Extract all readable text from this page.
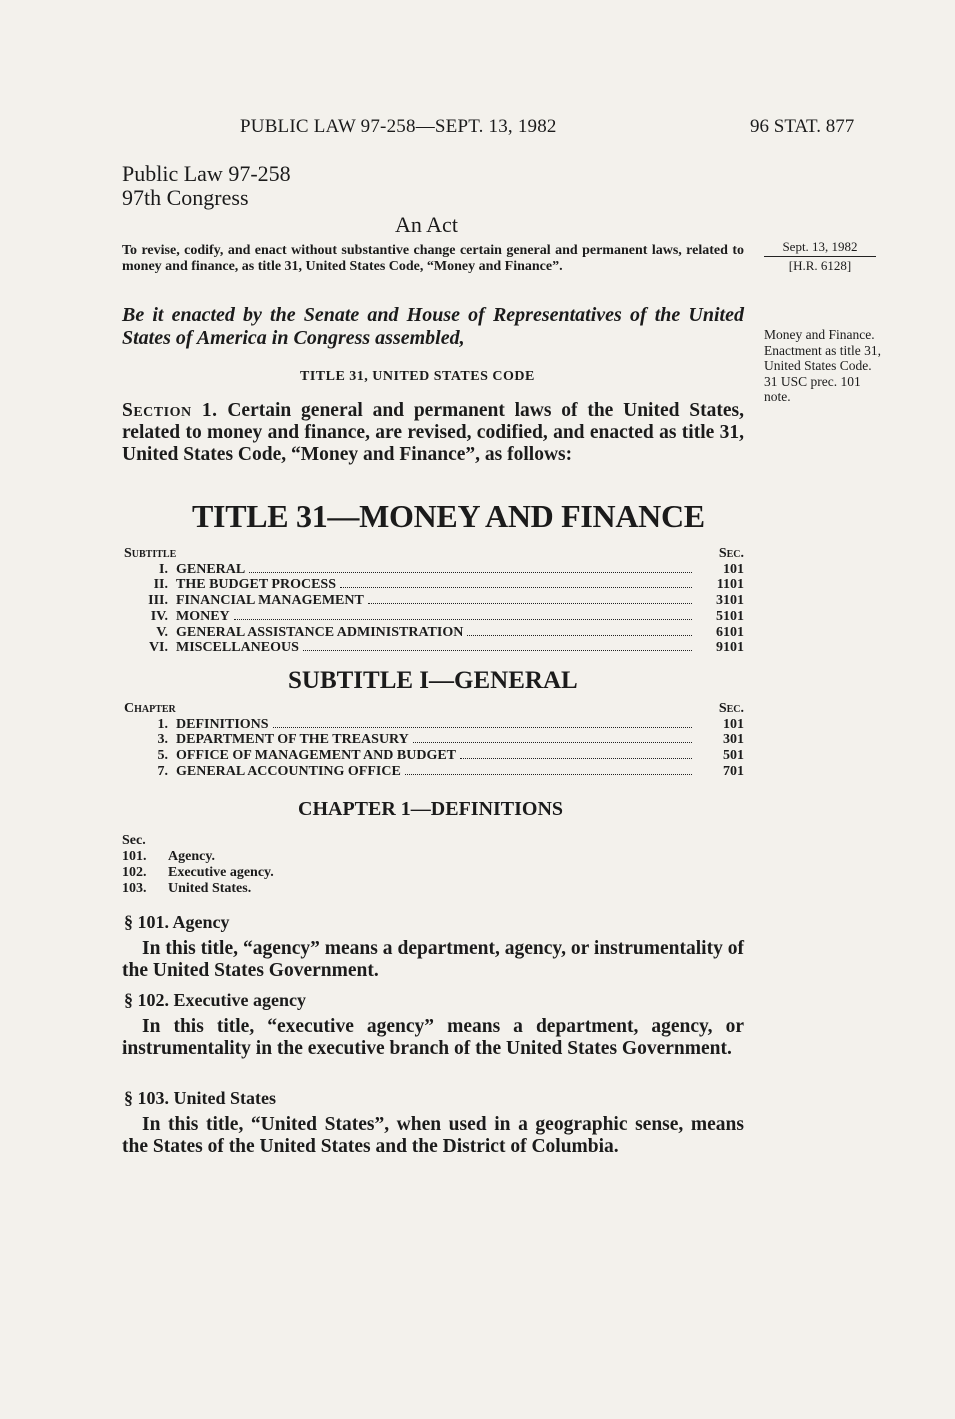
PUBLIC LAW 97-258—SEPT. 13, 1982	96 STAT. 877
Public Law 97-258
97th Congress
An Act
To revise, codify, and enact without substantive change certain general and permanent laws, related to money and finance, as title 31, United States Code, “Money and Finance”.
Sept. 13, 1982
[H.R. 6128]
Be it enacted by the Senate and House of Representatives of the United States of America in Congress assembled,	Money and Finance. Enactment as title 31, United States Code.
31 USC prec. 101 note.
TITLE 31, UNITED STATES CODE
Section 1. Certain general and permanent laws of the United States, related to money and finance, are revised, codified, and enacted as title 31, United States Code, “Money and Finance”, as follows:
TITLE 31—MONEY AND FINANCE
Subtitle	Sec.
I. GENERAL	101
II. THE BUDGET PROCESS	1101
III. FINANCIAL MANAGEMENT	3101
IV. MONEY	5101
V. GENERAL ASSISTANCE ADMINISTRATION	6101
VI. MISCELLANEOUS	9101
SUBTITLE I—GENERAL
Chapter	Sec.
1. DEFINITIONS	101
3. DEPARTMENT OF THE TREASURY	301
5. OFFICE OF MANAGEMENT AND BUDGET	501
7. GENERAL ACCOUNTING OFFICE	701
CHAPTER 1—DEFINITIONS
Sec.
101.	Agency.
102.	Executive agency.
103.	United States.
§ 101. Agency
In this title, “agency” means a department, agency, or instrumentality of the United States Government.
§ 102. Executive agency
In this title, “executive agency” means a department, agency, or instrumentality in the executive branch of the United States Government.
§ 103. United States
In this title, “United States”, when used in a geographic sense, means the States of the United States and the District of Columbia.
